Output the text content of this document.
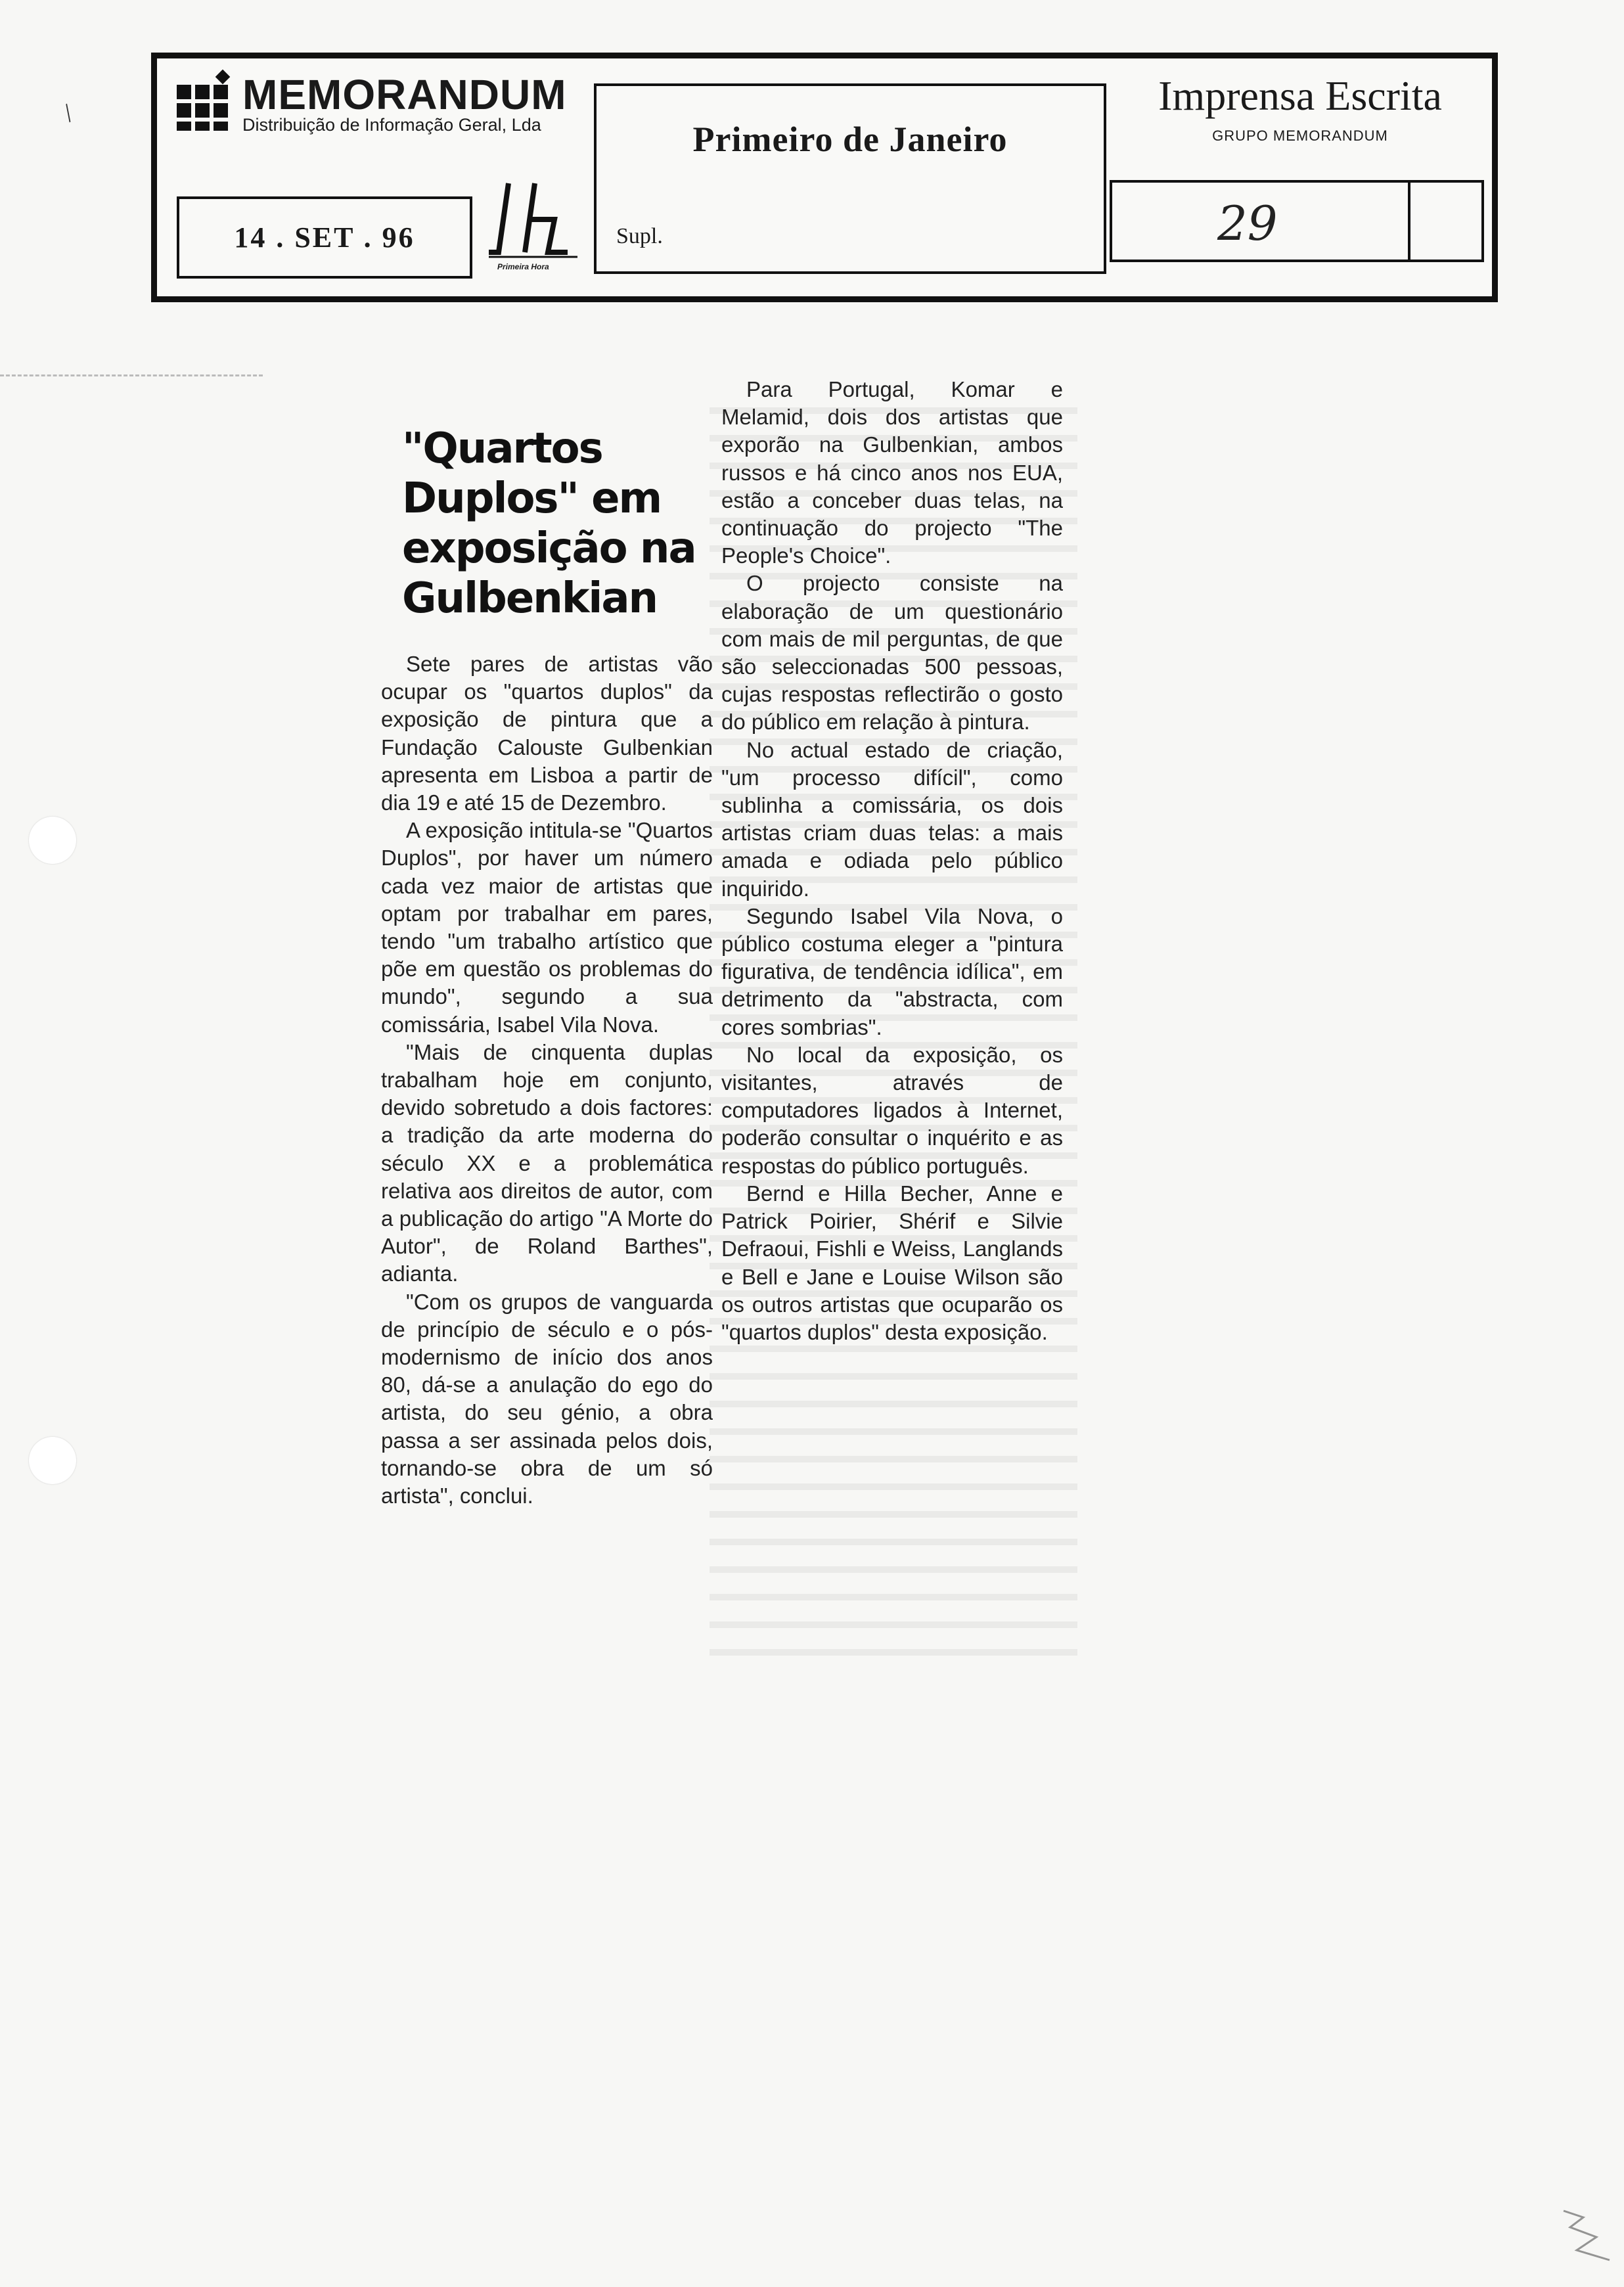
/	MEMORANDUM
Distribuição de Informação Geral, Lda
14 . SET . 96
Primeira Hora
Primeiro de Janeiro
Supl.
Imprensa Escrita
GRUPO MEMORANDUM
29
"Quartos Duplos" em exposição na Gulbenkian

Sete pares de artistas vão ocupar os "quartos duplos" da exposição de pintura que a Fundação Calouste Gulbenkian apresenta em Lisboa a partir de dia 19 e até 15 de Dezembro.

A exposição intitula-se "Quartos Duplos", por haver um número cada vez maior de artistas que optam por trabalhar em pares, tendo "um trabalho artístico que põe em questão os problemas do mundo", segundo a sua comissária, Isabel Vila Nova.

"Mais de cinquenta duplas trabalham hoje em conjunto, devido sobretudo a dois factores: a tradição da arte moderna do século XX e a problemática relativa aos direitos de autor, com a publicação do artigo "A Morte do Autor", de Roland Barthes", adianta.

"Com os grupos de vanguarda de princípio de século e o pós-modernismo de início dos anos 80, dá-se a anulação do ego do artista, do seu génio, a obra passa a ser assinada pelos dois, tornando-se obra de um só artista", conclui.

Para Portugal, Komar e Melamid, dois dos artistas que exporão na Gulbenkian, ambos russos e há cinco anos nos EUA, estão a conceber duas telas, na continuação do projecto "The People's Choice".

O projecto consiste na elaboração de um questionário com mais de mil perguntas, de que são seleccionadas 500 pessoas, cujas respostas reflectirão o gosto do público em relação à pintura.

No actual estado de criação, "um processo difícil", como sublinha a comissária, os dois artistas criam duas telas: a mais amada e odiada pelo público inquirido.

Segundo Isabel Vila Nova, o público costuma eleger a "pintura figurativa, de tendência idílica", em detrimento da "abstracta, com cores sombrias".

No local da exposição, os visitantes, através de computadores ligados à Internet, poderão consultar o inquérito e as respostas do público português.

Bernd e Hilla Becher, Anne e Patrick Poirier, Shérif e Silvie Defraoui, Fishli e Weiss, Langlands e Bell e Jane e Louise Wilson são os outros artistas que ocuparão os "quartos duplos" desta exposição.
